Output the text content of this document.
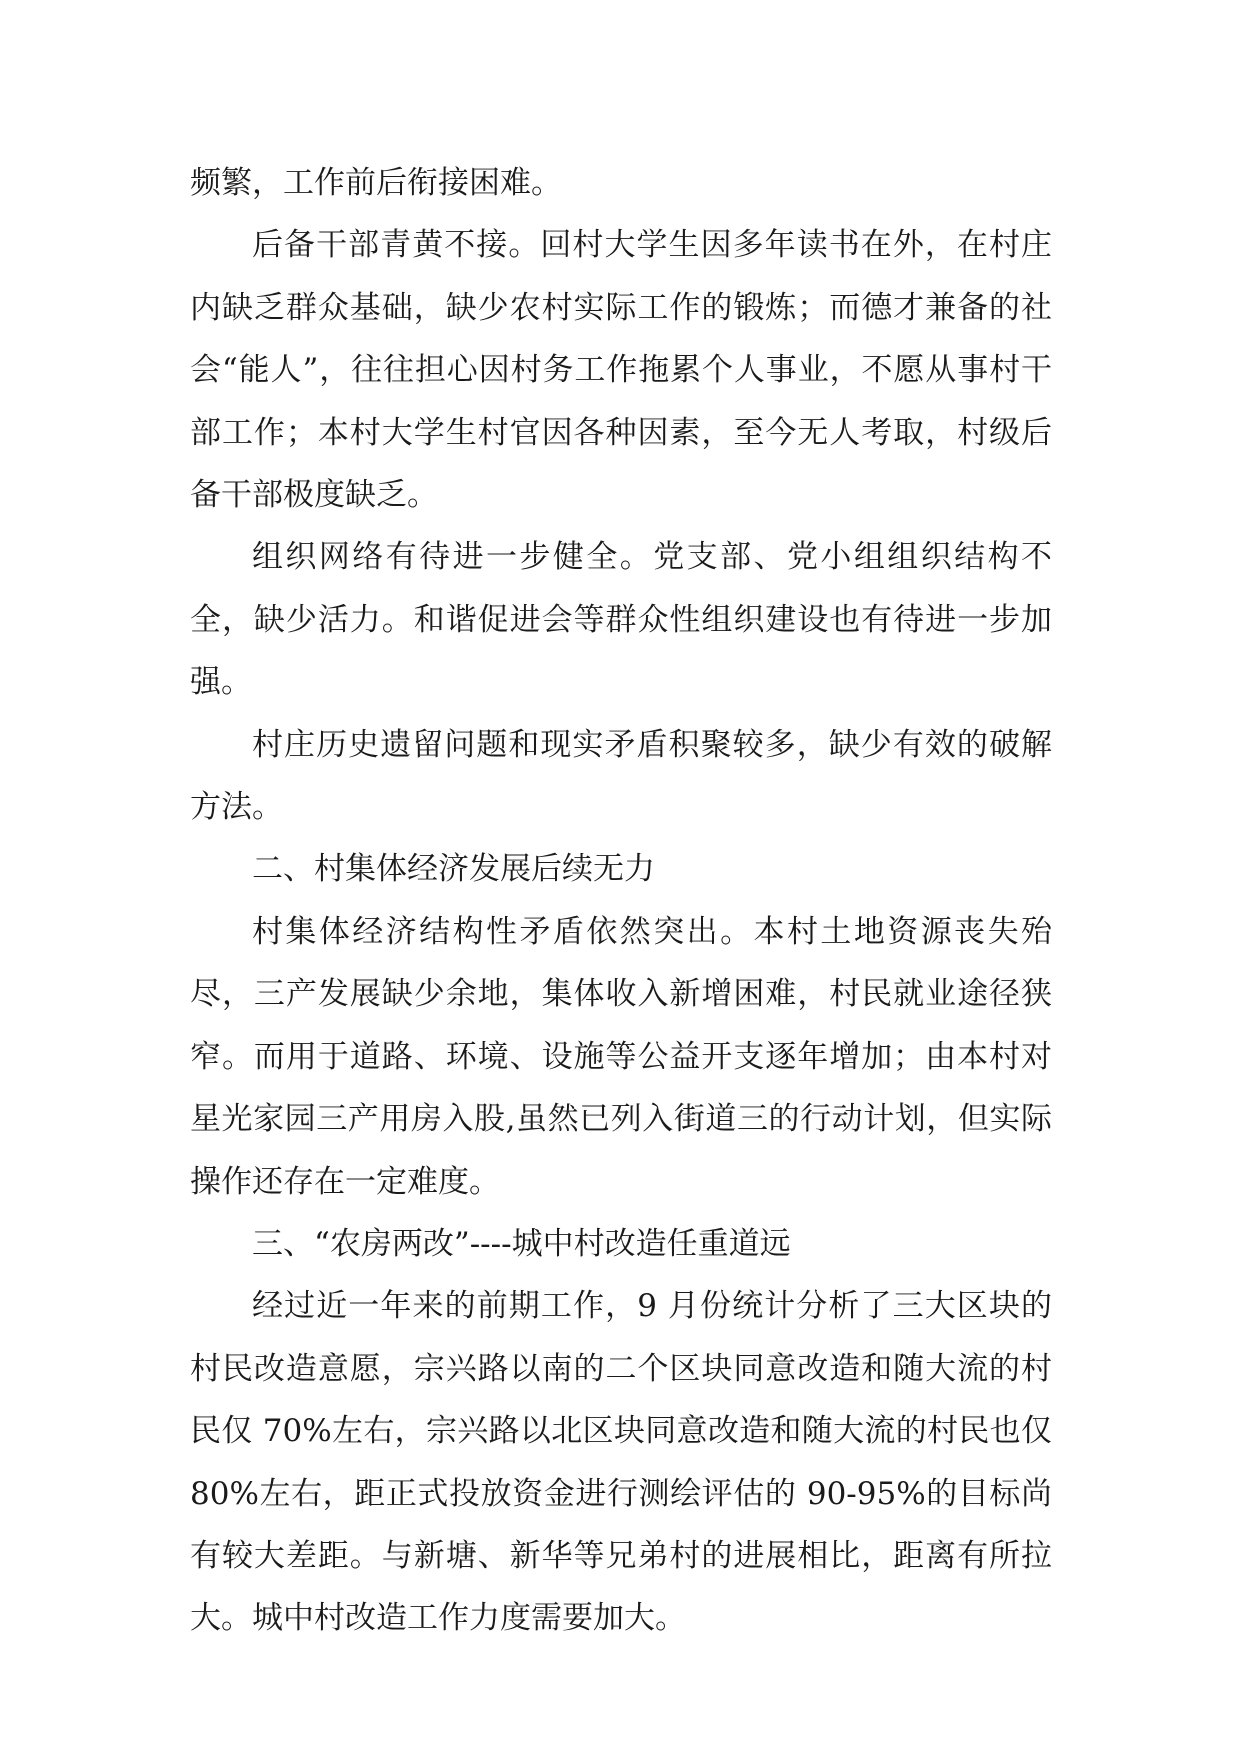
频繁，工作前后衔接困难。

后备干部青黄不接。回村大学生因多年读书在外，在村庄内缺乏群众基础，缺少农村实际工作的锻炼；而德才兼备的社会“能人”，往往担心因村务工作拖累个人事业，不愿从事村干部工作；本村大学生村官因各种因素，至今无人考取，村级后备干部极度缺乏。

组织网络有待进一步健全。党支部、党小组组织结构不全，缺少活力。和谐促进会等群众性组织建设也有待进一步加强。

村庄历史遗留问题和现实矛盾积聚较多，缺少有效的破解方法。

二、村集体经济发展后续无力

村集体经济结构性矛盾依然突出。本村土地资源丧失殆尽，三产发展缺少余地，集体收入新增困难，村民就业途径狭窄。而用于道路、环境、设施等公益开支逐年增加；由本村对星光家园三产用房入股,虽然已列入街道三的行动计划，但实际操作还存在一定难度。

三、“农房两改”----城中村改造任重道远

经过近一年来的前期工作，9 月份统计分析了三大区块的村民改造意愿，宗兴路以南的二个区块同意改造和随大流的村民仅 70%左右，宗兴路以北区块同意改造和随大流的村民也仅 80%左右，距正式投放资金进行测绘评估的 90-95%的目标尚有较大差距。与新塘、新华等兄弟村的进展相比，距离有所拉大。城中村改造工作力度需要加大。
